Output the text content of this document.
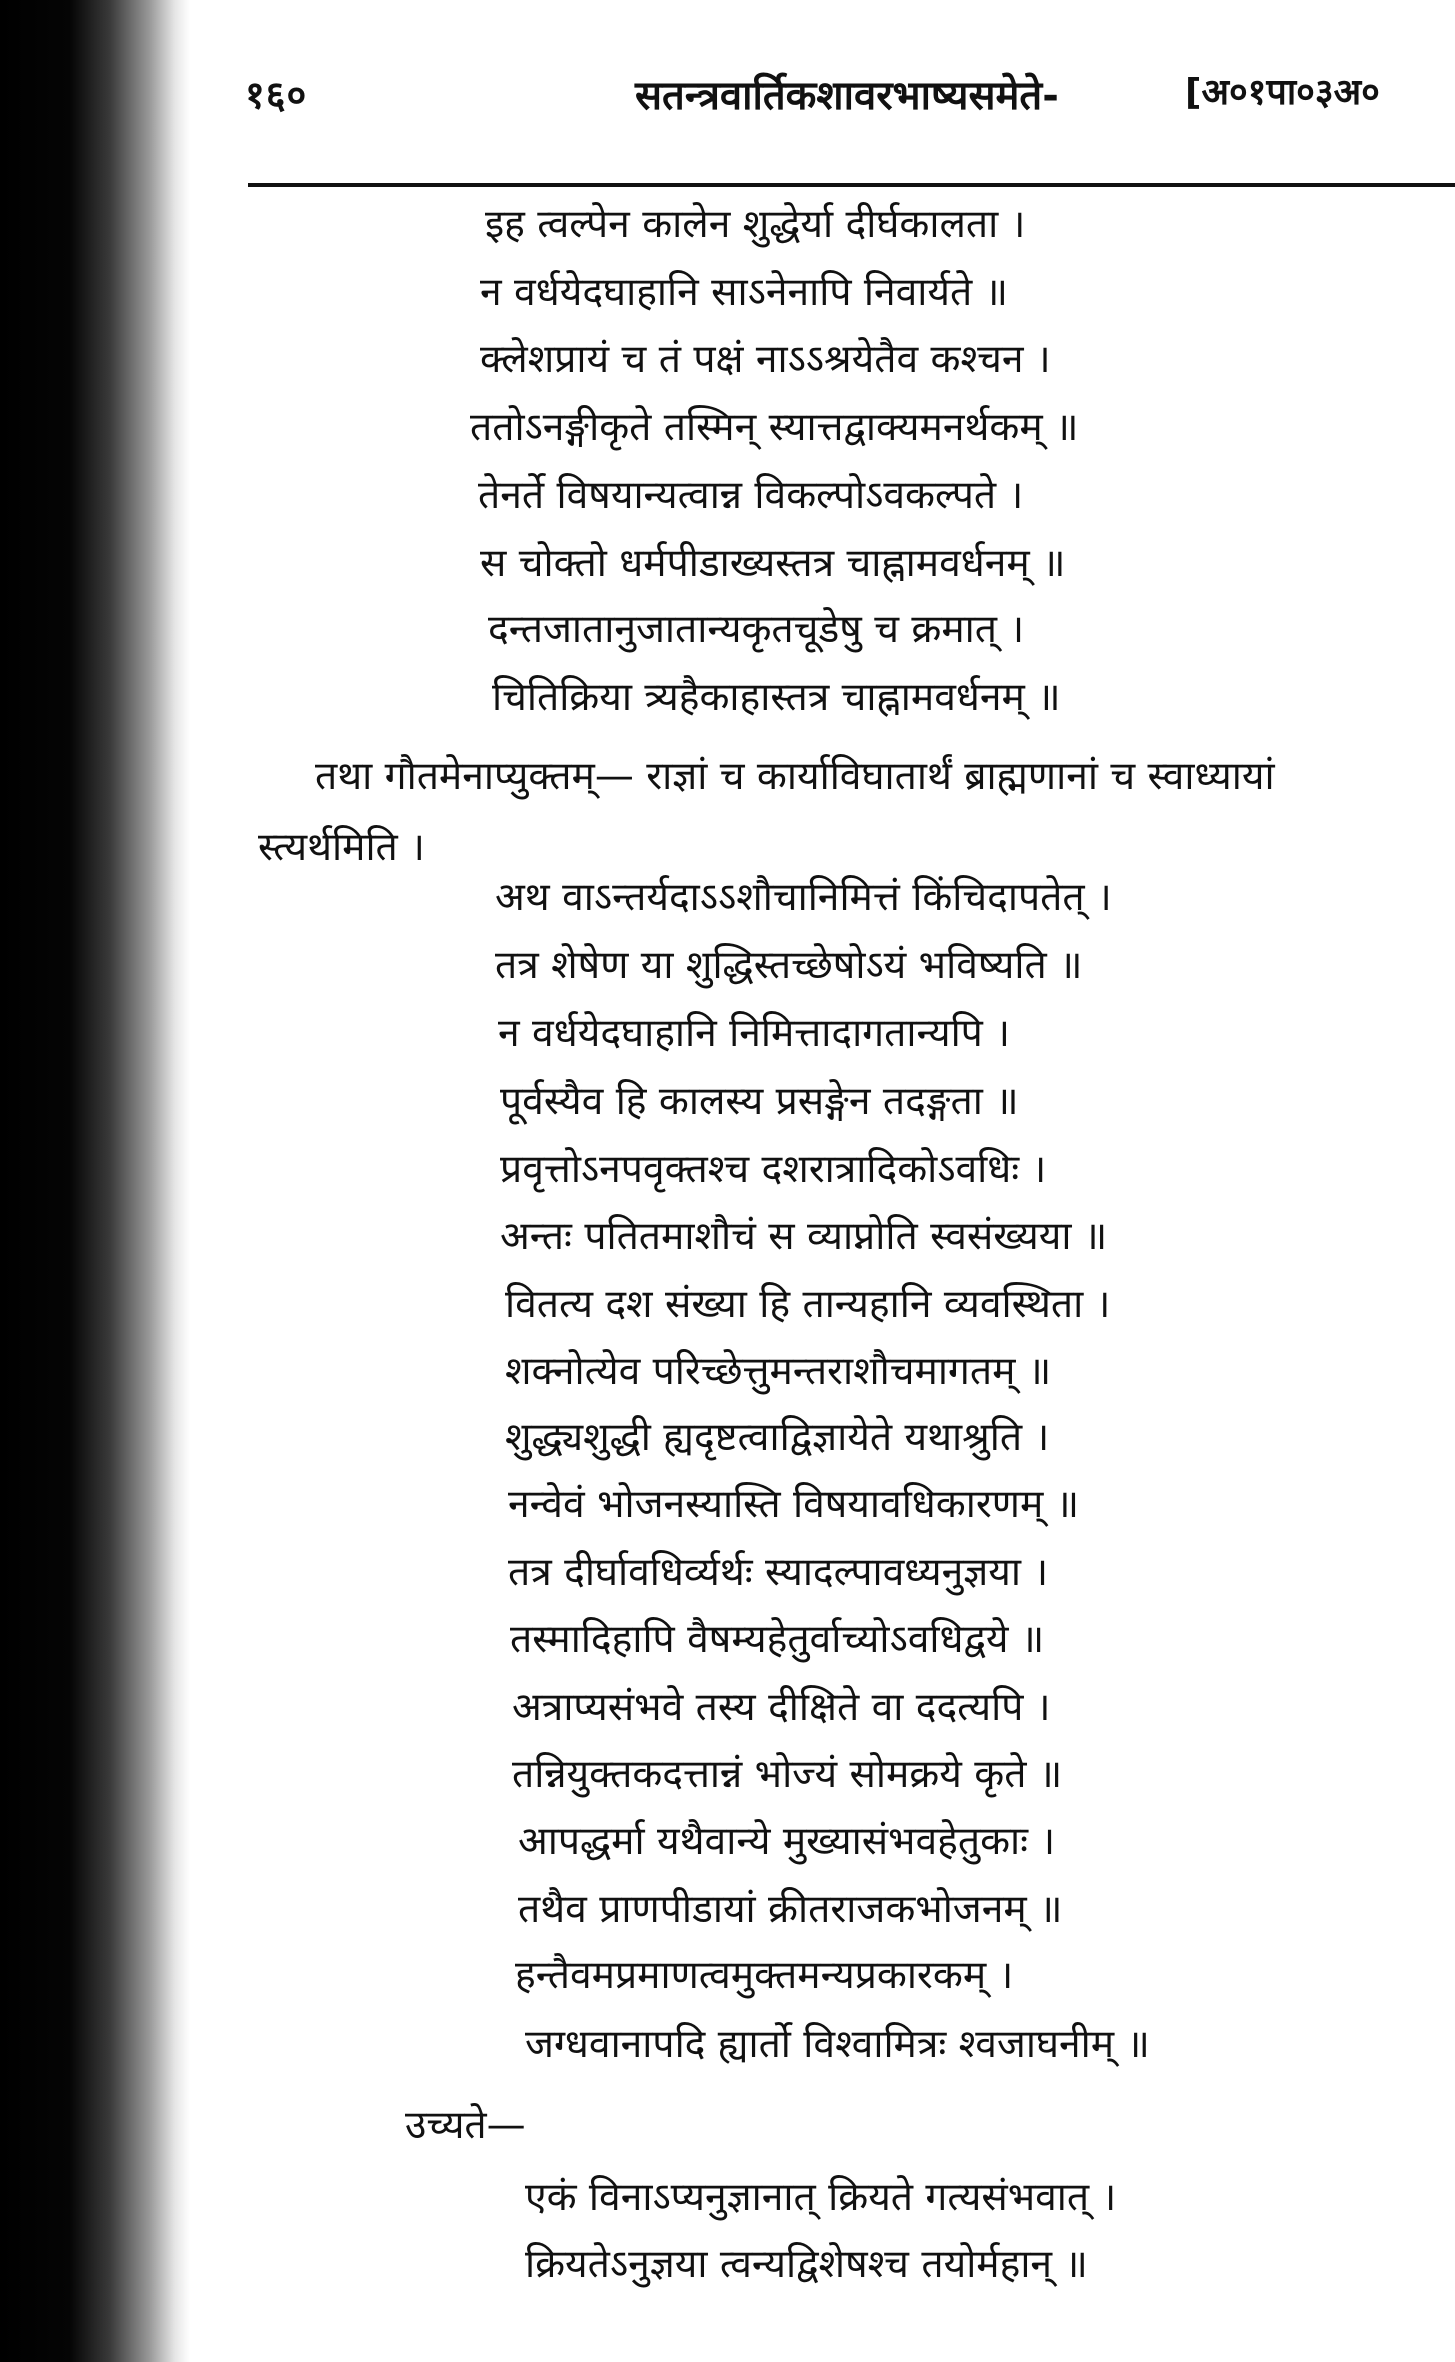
१६०	सतन्त्रवार्तिकशावरभाष्यसमेते-	[अ०१पा०३अ०
इह त्वल्पेन कालेन शुद्धेर्या दीर्घकालता ।
न वर्धयेदघाहानि साऽनेनापि निवार्यते ॥
क्लेशप्रायं च तं पक्षं नाऽऽश्रयेतैव कश्चन ।
ततोऽनङ्गीकृते तस्मिन् स्यात्तद्वाक्यमनर्थकम् ॥
तेनर्ते विषयान्यत्वान्न विकल्पोऽवकल्पते ।
स चोक्तो धर्मपीडाख्यस्तत्र चाह्नामवर्धनम् ॥
दन्तजातानुजातान्यकृतचूडेषु च क्रमात् ।
चितिक्रिया त्र्यहैकाहास्तत्र चाह्नामवर्धनम् ॥
तथा गौतमेनाप्युक्तम्— राज्ञां च कार्याविघातार्थं ब्राह्मणानां च स्वाध्यायां
स्त्यर्थमिति ।
अथ वाऽन्तर्यदाऽऽशौचानिमित्तं किंचिदापतेत् ।
तत्र शेषेण या शुद्धिस्तच्छेषोऽयं भविष्यति ॥
न वर्धयेदघाहानि निमित्तादागतान्यपि ।
पूर्वस्यैव हि कालस्य प्रसङ्गेन तदङ्गता ॥
प्रवृत्तोऽनपवृक्तश्च दशरात्रादिकोऽवधिः ।
अन्तः पतितमाशौचं स व्याप्नोति स्वसंख्यया ॥
वितत्य दश संख्या हि तान्यहानि व्यवस्थिता ।
शक्नोत्येव परिच्छेत्तुमन्तराशौचमागतम् ॥
शुद्ध्यशुद्धी ह्यदृष्टत्वाद्विज्ञायेते यथाश्रुति ।
नन्वेवं भोजनस्यास्ति विषयावधिकारणम् ॥
तत्र दीर्घावधिर्व्यर्थः स्यादल्पावध्यनुज्ञया ।
तस्मादिहापि वैषम्यहेतुर्वाच्योऽवधिद्वये ॥
अत्राप्यसंभवे तस्य दीक्षिते वा ददत्यपि ।
तन्नियुक्तकदत्तान्नं भोज्यं सोमक्रये कृते ॥
आपद्धर्मा यथैवान्ये मुख्यासंभवहेतुकाः ।
तथैव प्राणपीडायां क्रीतराजकभोजनम् ॥
हन्तैवमप्रमाणत्वमुक्तमन्यप्रकारकम् ।
जग्धवानापदि ह्यार्तो विश्वामित्रः श्वजाघनीम् ॥
उच्यते—
एकं विनाऽप्यनुज्ञानात् क्रियते गत्यसंभवात् ।
क्रियतेऽनुज्ञया त्वन्यद्विशेषश्च तयोर्महान् ॥
